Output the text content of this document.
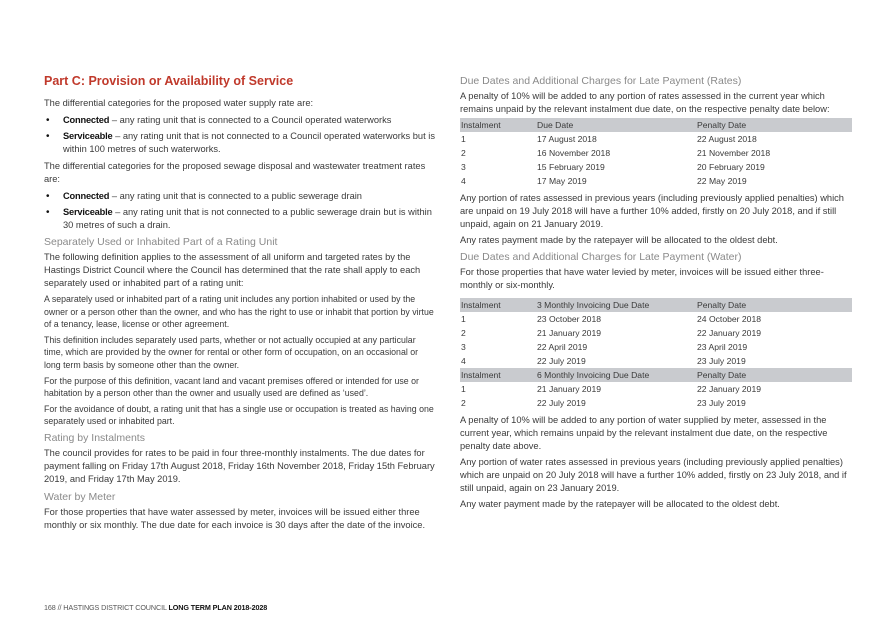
Part C: Provision or Availability of Service

The differential categories for the proposed water supply rate are:

• Connected – any rating unit that is connected to a Council operated waterworks
• Serviceable – any rating unit that is not connected to a Council operated waterworks but is within 100 metres of such waterworks.

The differential categories for the proposed sewage disposal and wastewater treatment rates are:

• Connected – any rating unit that is connected to a public sewerage drain
• Serviceable – any rating unit that is not connected to a public sewerage drain but is within 30 metres of such a drain.

Separately Used or Inhabited Part of a Rating Unit

The following definition applies to the assessment of all uniform and targeted rates by the Hastings District Council where the Council has determined that the rate shall apply to each separately used or inhabited part of a rating unit:

A separately used or inhabited part of a rating unit includes any portion inhabited or used by the owner or a person other than the owner, and who has the right to use or inhabit that portion by virtue of a tenancy, lease, license or other agreement.

This definition includes separately used parts, whether or not actually occupied at any particular time, which are provided by the owner for rental or other form of occupation, on an occasional or long term basis by someone other than the owner.

For the purpose of this definition, vacant land and vacant premises offered or intended for use or habitation by a person other than the owner and usually used are defined as ‘used’.

For the avoidance of doubt, a rating unit that has a single use or occupation is treated as having one separately used or inhabited part.

Rating by Instalments

The council provides for rates to be paid in four three-monthly instalments. The due dates for payment falling on Friday 17th August 2018, Friday 16th November 2018, Friday 15th February 2019, and Friday 17th May 2019.

Water by Meter

For those properties that have water assessed by meter, invoices will be issued either three monthly or six monthly. The due date for each invoice is 30 days after the date of the invoice.

Due Dates and Additional Charges for Late Payment (Rates)

A penalty of 10% will be added to any portion of rates assessed in the current year which remains unpaid by the relevant instalment due date, on the respective penalty date below:

Instalment	Due Date	Penalty Date
1	17 August 2018	22 August 2018
2	16 November 2018	21 November 2018
3	15 February 2019	20 February 2019
4	17 May 2019	22 May 2019

Any portion of rates assessed in previous years (including previously applied penalties) which are unpaid on 19 July 2018 will have a further 10% added, firstly on 20 July 2018, and if still unpaid, again on 21 January 2019.

Any rates payment made by the ratepayer will be allocated to the oldest debt.

Due Dates and Additional Charges for Late Payment (Water)

For those properties that have water levied by meter, invoices will be issued either three-monthly or six-monthly.

Instalment	3 Monthly Invoicing Due Date	Penalty Date
1	23 October 2018	24 October 2018
2	21 January 2019	22 January 2019
3	22 April 2019	23 April 2019
4	22 July 2019	23 July 2019
Instalment	6 Monthly Invoicing Due Date	Penalty Date
1	21 January 2019	22 January 2019
2	22 July 2019	23 July 2019

A penalty of 10% will be added to any portion of water supplied by meter, assessed in the current year, which remains unpaid by the relevant instalment due date, on the respective penalty date above.

Any portion of water rates assessed in previous years (including previously applied penalties) which are unpaid on 20 July 2018 will have a further 10% added, firstly on 23 July 2018, and if still unpaid, again on 23 January 2019.

Any water payment made by the ratepayer will be allocated to the oldest debt.

168 // HASTINGS DISTRICT COUNCIL LONG TERM PLAN 2018-2028
